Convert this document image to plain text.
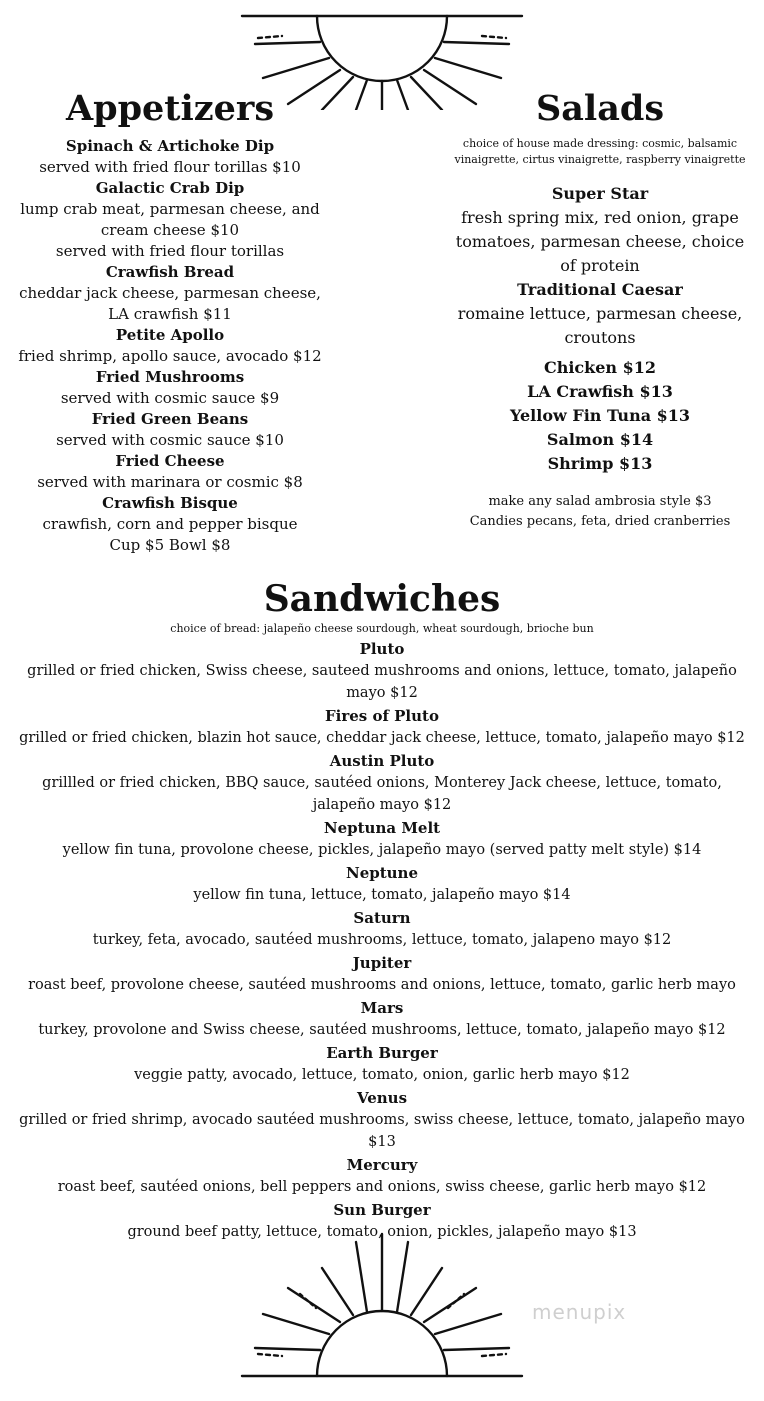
Appetizers
Spinach & Artichoke Dip
served with fried flour torillas $10
Galactic Crab Dip
lump crab meat, parmesan cheese, and cream cheese $10
served with fried flour torillas
Crawfish Bread
cheddar jack cheese, parmesan cheese, LA crawfish $11
Petite Apollo
fried shrimp, apollo sauce, avocado $12
Fried Mushrooms
served with cosmic sauce $9
Fried Green Beans
served with cosmic sauce $10
Fried Cheese
served with marinara or cosmic $8
Crawfish Bisque
crawfish, corn and pepper bisque
Cup $5 Bowl $8
Salads
choice of house made dressing: cosmic, balsamic vinaigrette, cirtus vinaigrette, raspberry vinaigrette
Super Star
fresh spring mix, red onion, grape tomatoes, parmesan cheese, choice of protein
Traditional Caesar
romaine lettuce, parmesan cheese, croutons
Chicken $12
LA Crawfish $13
Yellow Fin Tuna $13
Salmon $14
Shrimp $13
make any salad ambrosia style $3
Candies pecans, feta, dried cranberries
Sandwiches
choice of bread: jalapeño cheese sourdough, wheat sourdough, brioche bun
Pluto
grilled or fried chicken, Swiss cheese, sauteed mushrooms and onions, lettuce, tomato, jalapeño mayo $12
Fires of Pluto
grilled or fried chicken, blazin hot sauce, cheddar jack cheese, lettuce, tomato, jalapeño mayo $12
Austin Pluto
grillled or fried chicken, BBQ sauce, sautéed onions, Monterey Jack cheese, lettuce, tomato, jalapeño mayo $12
Neptuna Melt
yellow fin tuna, provolone cheese, pickles, jalapeño mayo (served patty melt style) $14
Neptune
yellow fin tuna, lettuce, tomato, jalapeño mayo $14
Saturn
turkey, feta, avocado, sautéed mushrooms, lettuce, tomato, jalapeno mayo $12
Jupiter
roast beef, provolone cheese, sautéed mushrooms and onions, lettuce, tomato, garlic herb mayo
Mars
turkey, provolone and Swiss cheese, sautéed mushrooms, lettuce, tomato, jalapeño mayo $12
Earth Burger
veggie patty, avocado, lettuce, tomato, onion, garlic herb mayo $12
Venus
grilled or fried shrimp, avocado sautéed mushrooms, swiss cheese, lettuce, tomato, jalapeño mayo $13
Mercury
roast beef, sautéed onions, bell peppers and onions, swiss cheese, garlic herb mayo $12
Sun Burger
ground beef patty, lettuce, tomato, onion, pickles, jalapeño mayo $13
menupix
